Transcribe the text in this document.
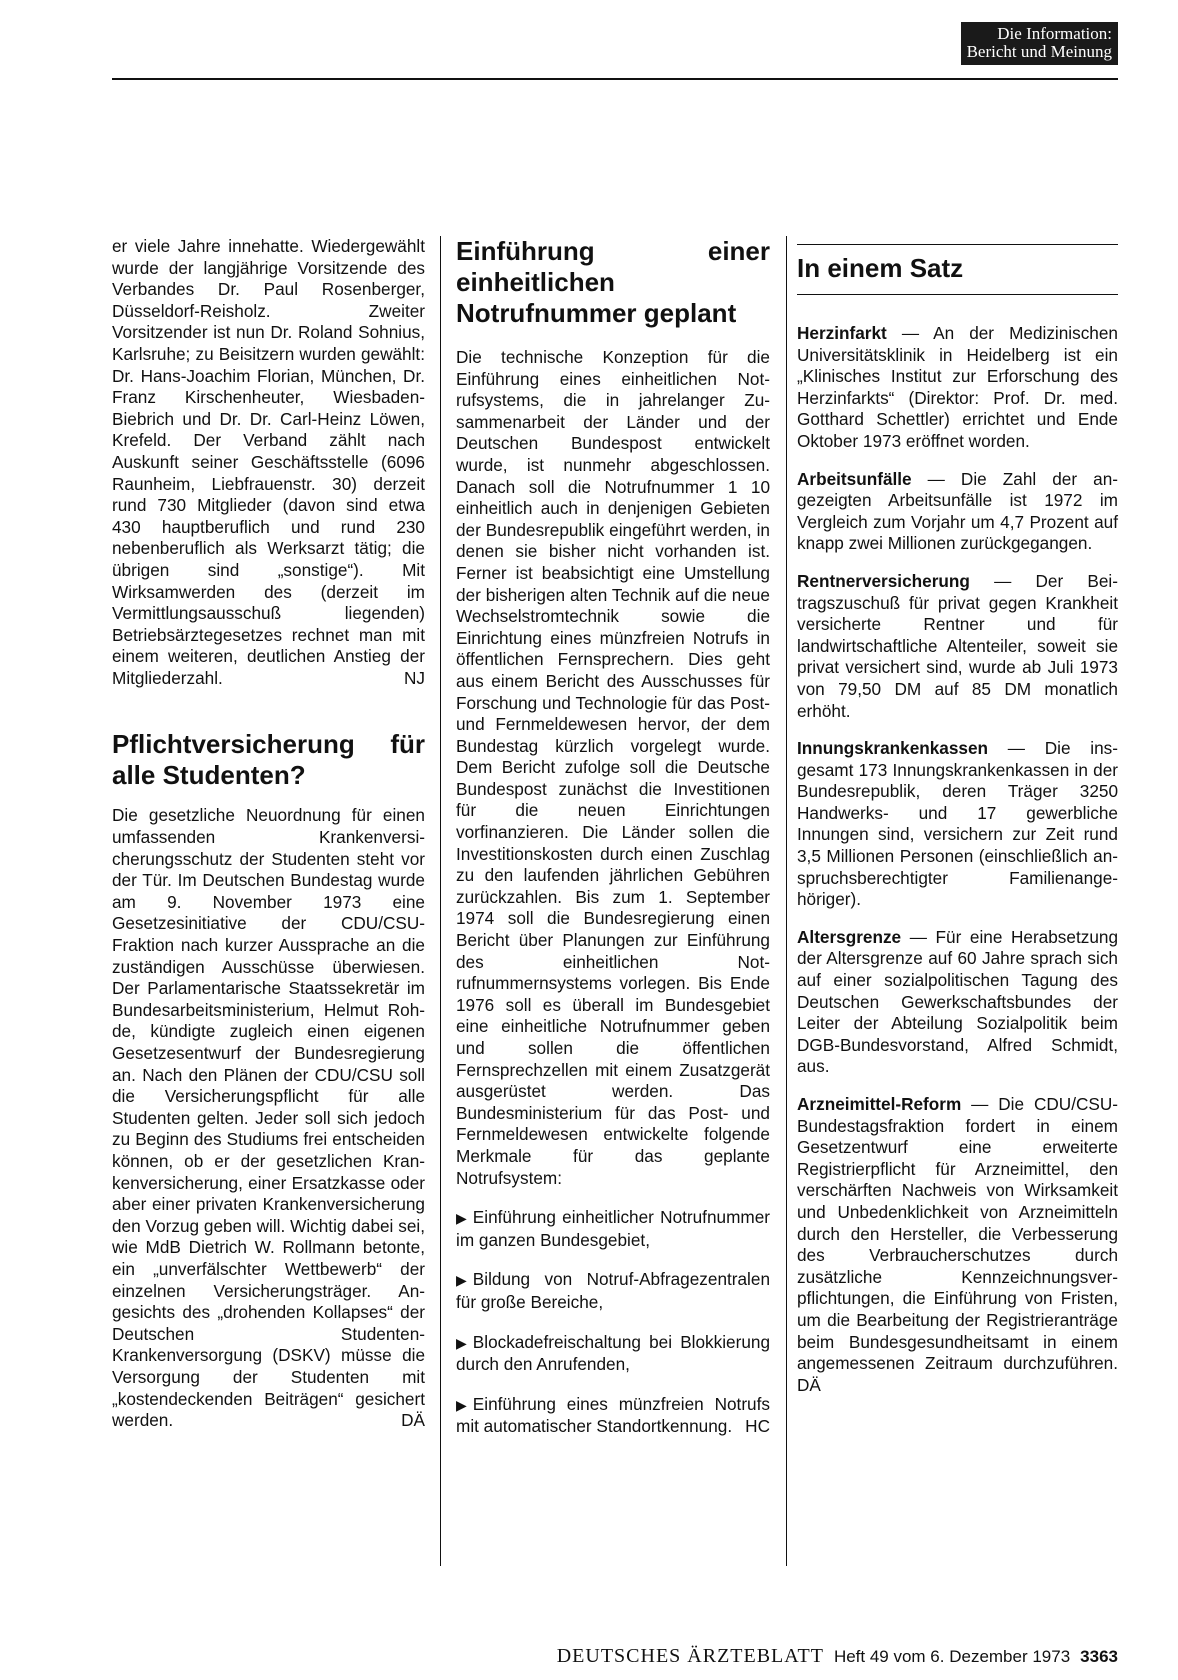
Die Information:
Bericht und Meinung

er viele Jahre innehatte. Wiedergewählt wurde der langjährige Vorsitzende des Verbandes Dr. Paul Rosenberger, Düsseldorf-Reisholz. Zweiter Vorsitzender ist nun Dr. Roland Sohnius, Karlsruhe; zu Beisitzern wurden gewählt: Dr. Hans-Joachim Florian, München, Dr. Franz Kirschenheuter, Wiesbaden-Biebrich und Dr. Dr. Carl-Heinz Löwen, Krefeld. Der Verband zählt nach Auskunft seiner Geschäftsstelle (6096 Raunheim, Liebfrauenstr. 30) derzeit rund 730 Mitglieder (davon sind etwa 430 hauptberuflich und rund 230 nebenberuflich als Werksarzt tätig; die übrigen sind „sonstige“). Mit Wirksamwerden des (derzeit im Vermittlungsausschuß liegenden) Betriebsärztegesetzes rechnet man mit einem weiteren, deutlichen Anstieg der Mitgliederzahl.	NJ
Pflichtversicherung für alle Studenten?

Die gesetzliche Neuordnung für einen umfassenden Krankenversicherungsschutz der Studenten steht vor der Tür. Im Deutschen Bundestag wurde am 9. November 1973 eine Gesetzesinitiative der CDU/CSU-Fraktion nach kurzer Aussprache an die zuständigen Ausschüsse überwiesen. Der Parlamentarische Staatssekretär im Bundesarbeitsministerium, Helmut Rohde, kündigte zugleich einen eigenen Gesetzesentwurf der Bundesregierung an. Nach den Plänen der CDU/CSU soll die Versicherungspflicht für alle Studenten gelten. Jeder soll sich jedoch zu Beginn des Studiums frei entscheiden können, ob er der gesetzlichen Krankenversicherung, einer Ersatzkasse oder aber einer privaten Krankenversicherung den Vorzug geben will. Wichtig dabei sei, wie MdB Dietrich W. Rollmann betonte, ein „unverfälschter Wettbewerb“ der einzelnen Versicherungsträger. Angesichts des „drohenden Kollapses“ der Deutschen Studenten-Krankenversorgung (DSKV) müsse die Versorgung der Studenten mit „kostendeckenden Beiträgen“ gesichert werden.	DÄ
Einführung einer einheitlichen Notrufnummer geplant

Die technische Konzeption für die Einführung eines einheitlichen Notrufsystems, die in jahrelanger Zusammenarbeit der Länder und der Deutschen Bundespost entwickelt wurde, ist nunmehr abgeschlossen. Danach soll die Notrufnummer 1 10 einheitlich auch in denjenigen Gebieten der Bundesrepublik eingeführt werden, in denen sie bisher nicht vorhanden ist. Ferner ist beabsichtigt eine Umstellung der bisherigen alten Technik auf die neue Wechselstromtechnik sowie die Einrichtung eines münzfreien Notrufs in öffentlichen Fernsprechern. Dies geht aus einem Bericht des Ausschusses für Forschung und Technologie für das Post- und Fernmeldewesen hervor, der dem Bundestag kürzlich vorgelegt wurde. Dem Bericht zufolge soll die Deutsche Bundespost zunächst die Investitionen für die neuen Einrichtungen vorfinanzieren. Die Länder sollen die Investitionskosten durch einen Zuschlag zu den laufenden jährlichen Gebühren zurückzahlen. Bis zum 1. September 1974 soll die Bundesregierung einen Bericht über Planungen zur Einführung des einheitlichen Notrufnummernsystems vorlegen. Bis Ende 1976 soll es überall im Bundesgebiet eine einheitliche Notrufnummer geben und sollen die öffentlichen Fernsprechzellen mit einem Zusatzgerät ausgerüstet werden. Das Bundesministerium für das Post- und Fernmeldewesen entwickelte folgende Merkmale für das geplante Notrufsystem:

▶ Einführung einheitlicher Notrufnummer im ganzen Bundesgebiet,
▶ Bildung von Notruf-Abfragezentralen für große Bereiche,
▶ Blockadefreischaltung bei Blokkierung durch den Anrufenden,
▶ Einführung eines münzfreien Notrufs mit automatischer Standortkennung. HC
In einem Satz

Herzinfarkt — An der Medizinischen Universitätsklinik in Heidelberg ist ein „Klinisches Institut zur Erforschung des Herzinfarkts“ (Direktor: Prof. Dr. med. Gotthard Schettler) errichtet und Ende Oktober 1973 eröffnet worden.

Arbeitsunfälle — Die Zahl der angezeigten Arbeitsunfälle ist 1972 im Vergleich zum Vorjahr um 4,7 Prozent auf knapp zwei Millionen zurückgegangen.

Rentnerversicherung — Der Beitragszuschuß für privat gegen Krankheit versicherte Rentner und für landwirtschaftliche Altenteiler, soweit sie privat versichert sind, wurde ab Juli 1973 von 79,50 DM auf 85 DM monatlich erhöht.

Innungskrankenkassen — Die insgesamt 173 Innungskrankenkassen in der Bundesrepublik, deren Träger 3250 Handwerks- und 17 gewerbliche Innungen sind, versichern zur Zeit rund 3,5 Millionen Personen (einschließlich anspruchsberechtigter Familienangehöriger).

Altersgrenze — Für eine Herabsetzung der Altersgrenze auf 60 Jahre sprach sich auf einer sozialpolitischen Tagung des Deutschen Gewerkschaftsbundes der Leiter der Abteilung Sozialpolitik beim DGB-Bundesvorstand, Alfred Schmidt, aus.

Arzneimittel-Reform — Die CDU/CSU-Bundestagsfraktion fordert in einem Gesetzentwurf eine erweiterte Registrierpflicht für Arzneimittel, den verschärften Nachweis von Wirksamkeit und Unbedenklichkeit von Arzneimitteln durch den Hersteller, die Verbesserung des Verbraucherschutzes durch zusätzliche Kennzeichnungsverpflichtungen, die Einführung von Fristen, um die Bearbeitung der Registrieranträge beim Bundesgesundheitsamt in einem angemessenen Zeitraum durchzuführen. DÄ

DEUTSCHES ÄRZTEBLATT Heft 49 vom 6. Dezember 1973 3363
